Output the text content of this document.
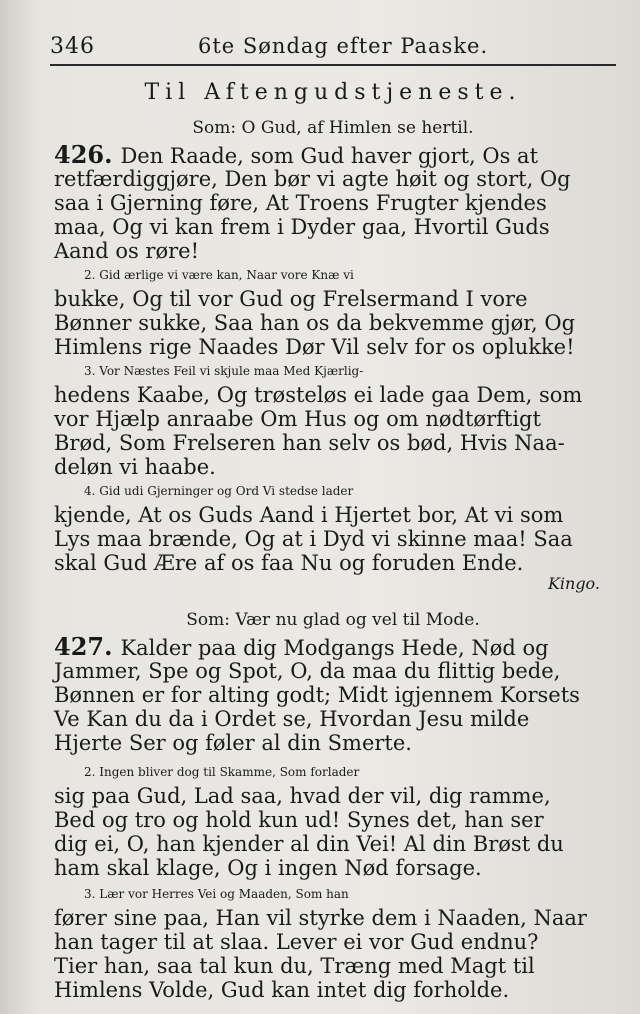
346	6te Søndag efter Paaske.
Til Aftengudstjeneste.
Som: O Gud, af Himlen se hertil.
426. Den Raade, som Gud haver gjort, Os at
retfærdiggjøre, Den bør vi agte høit og stort, Og
saa i Gjerning føre, At Troens Frugter kjendes
maa, Og vi kan frem i Dyder gaa, Hvortil Guds
Aand os røre!
2. Gid ærlige vi være kan, Naar vore Knæ vi
bukke, Og til vor Gud og Frelsermand I vore
Bønner sukke, Saa han os da bekvemme gjør, Og
Himlens rige Naades Dør Vil selv for os oplukke!
3. Vor Næstes Feil vi skjule maa Med Kjærlig-
hedens Kaabe, Og trøsteløs ei lade gaa Dem, som
vor Hjælp anraabe Om Hus og om nødtørftigt
Brød, Som Frelseren han selv os bød, Hvis Naa-
deløn vi haabe.
4. Gid udi Gjerninger og Ord Vi stedse lader
kjende, At os Guds Aand i Hjertet bor, At vi som
Lys maa brænde, Og at i Dyd vi skinne maa! Saa
skal Gud Ære af os faa Nu og foruden Ende.
Kingo.
Som: Vær nu glad og vel til Mode.
427. Kalder paa dig Modgangs Hede, Nød og
Jammer, Spe og Spot, O, da maa du flittig bede,
Bønnen er for alting godt; Midt igjennem Korsets
Ve Kan du da i Ordet se, Hvordan Jesu milde
Hjerte Ser og føler al din Smerte.
2. Ingen bliver dog til Skamme, Som forlader
sig paa Gud, Lad saa, hvad der vil, dig ramme,
Bed og tro og hold kun ud! Synes det, han ser
dig ei, O, han kjender al din Vei! Al din Brøst du
ham skal klage, Og i ingen Nød forsage.
3. Lær vor Herres Vei og Maaden, Som han
fører sine paa, Han vil styrke dem i Naaden, Naar
han tager til at slaa. Lever ei vor Gud endnu?
Tier han, saa tal kun du, Træng med Magt til
Himlens Volde, Gud kan intet dig forholde.
